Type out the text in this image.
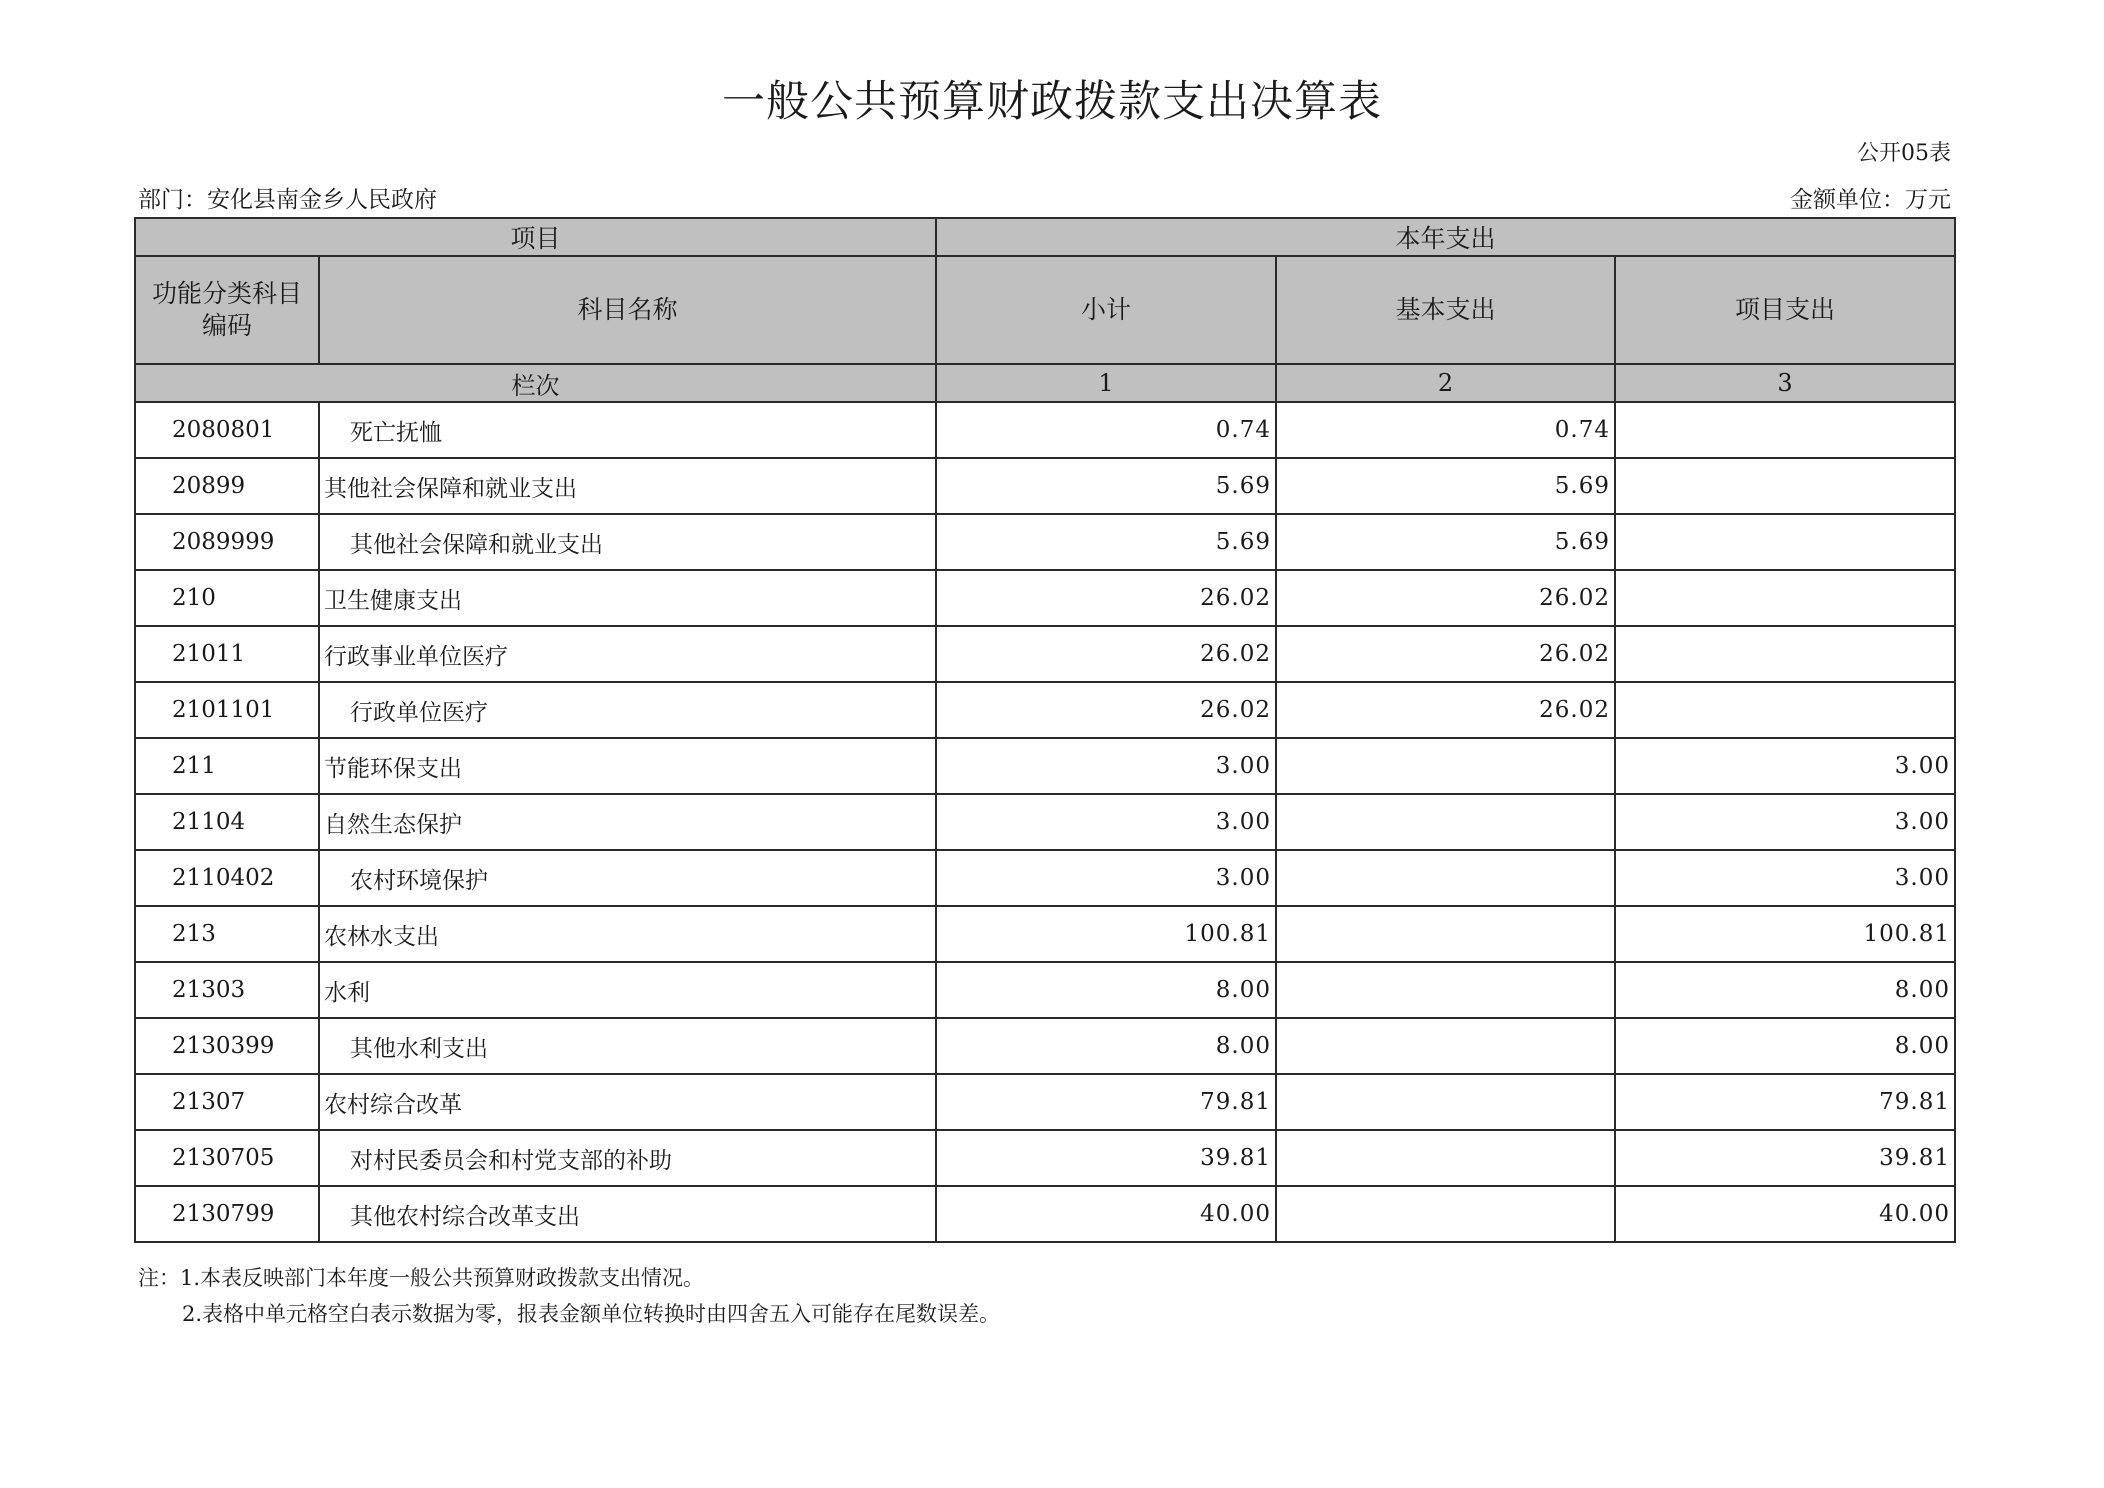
一般公共预算财政拨款支出决算表
公开05表
部门：安化县南金乡人民政府	金额单位：万元
项目		本年支出		
功能分类科目编码	科目名称	小计	基本支出	项目支出
栏次		1	2	3
2080801	死亡抚恤	0.74	0.74	
20899	其他社会保障和就业支出	5.69	5.69	
2089999	其他社会保障和就业支出	5.69	5.69	
210	卫生健康支出	26.02	26.02	
21011	行政事业单位医疗	26.02	26.02	
2101101	行政单位医疗	26.02	26.02	
211	节能环保支出	3.00		3.00
21104	自然生态保护	3.00		3.00
2110402	农村环境保护	3.00		3.00
213	农林水支出	100.81		100.81
21303	水利	8.00		8.00
2130399	其他水利支出	8.00		8.00
21307	农村综合改革	79.81		79.81
2130705	对村民委员会和村党支部的补助	39.81		39.81
2130799	其他农村综合改革支出	40.00		40.00
注：1.本表反映部门本年度一般公共预算财政拨款支出情况。
2.表格中单元格空白表示数据为零，报表金额单位转换时由四舍五入可能存在尾数误差。
